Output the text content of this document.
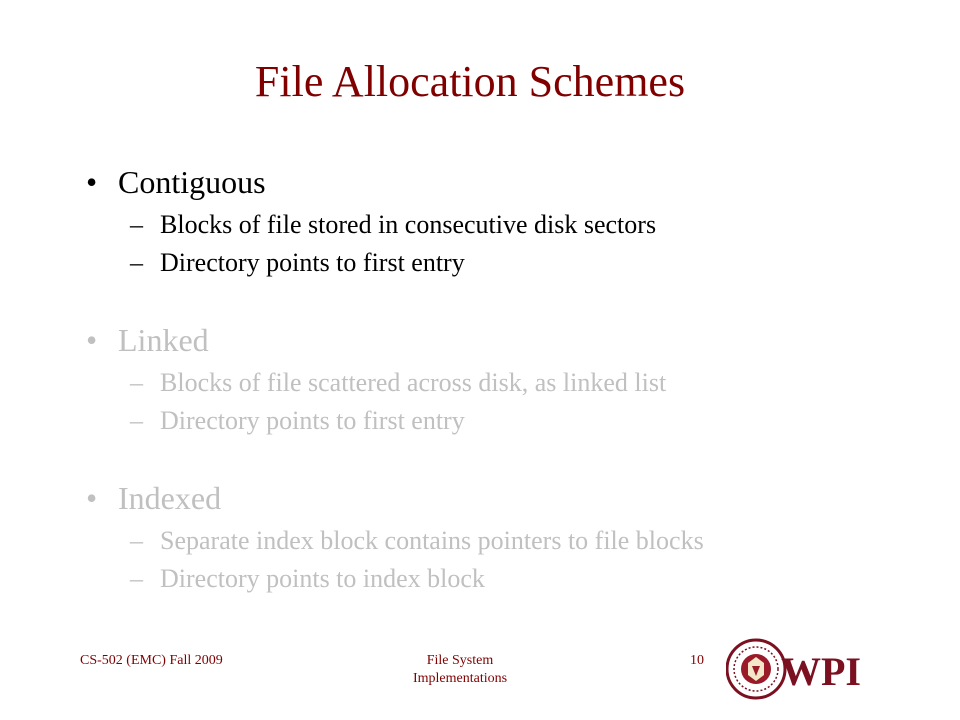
File Allocation Schemes
• Contiguous
– Blocks of file stored in consecutive disk sectors
– Directory points to first entry
• Linked
– Blocks of file scattered across disk, as linked list
– Directory points to first entry
• Indexed
– Separate index block contains pointers to file blocks
– Directory points to index block
CS-502 (EMC) Fall 2009	File System
Implementations
10 WPI
